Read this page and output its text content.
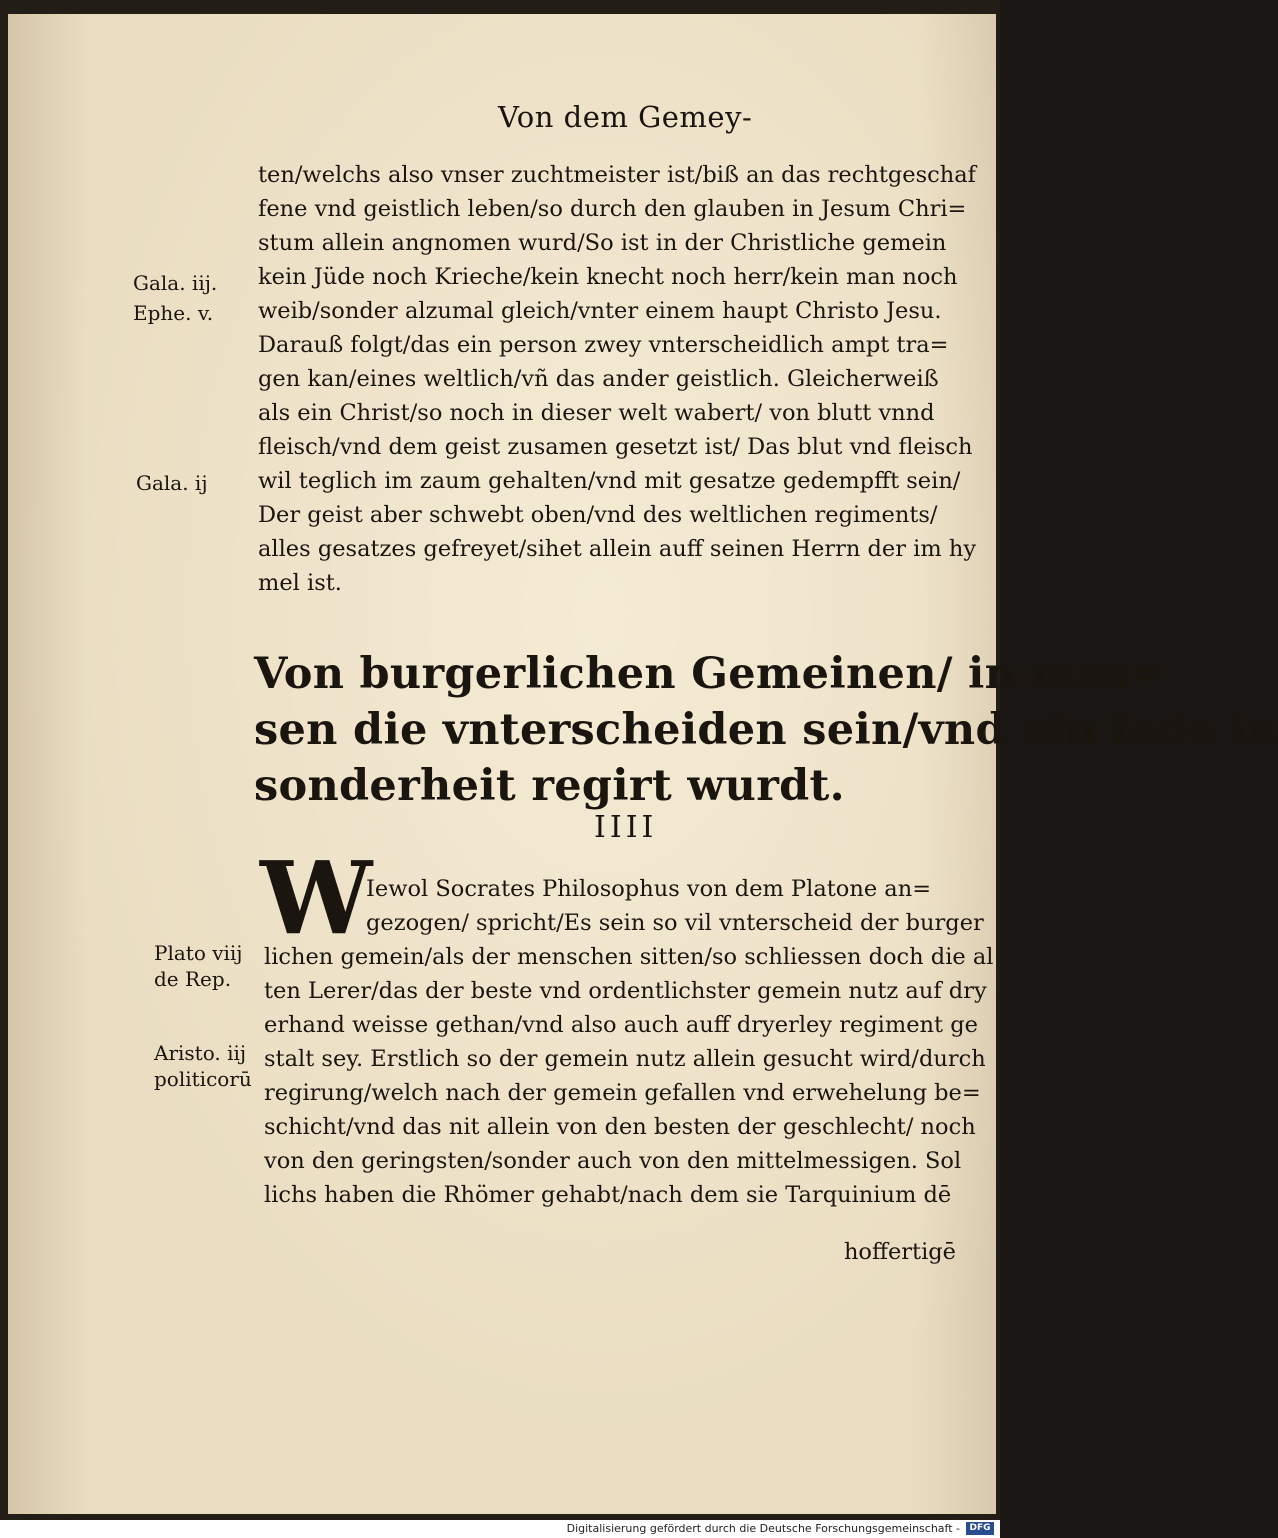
Von dem Gemey-
ten/welchs also vnser zuchtmeister ist/biß an das rechtgeschaf
fene vnd geistlich leben/so durch den glauben in Jesum Chri=
stum allein angnomen wurd/So ist in der Christliche gemein
kein Jüde noch Krieche/kein knecht noch herr/kein man noch
weib/sonder alzumal gleich/vnter einem haupt Christo Jesu.
Darauß folgt/das ein person zwey vnterscheidlich ampt tra=
gen kan/eines weltlich/vñ das ander geistlich. Gleicherweiß
als ein Christ/so noch in dieser welt wabert/ von blutt vnnd
fleisch/vnd dem geist zusamen gesetzt ist/ Das blut vnd fleisch
wil teglich im zaum gehalten/vnd mit gesatze gedempfft sein/
Der geist aber schwebt oben/vnd des weltlichen regiments/
alles gesatzes gefreyet/sihet allein auff seinen Herrn der im hy
mel ist.
Von burgerlichen Gemeinen/ in mas=
sen die vnterscheiden sein/vnd ein iede in
sonderheit regirt wurdt.
IIII
W
Iewol Socrates Philosophus von dem Platone an=
gezogen/ spricht/Es sein so vil vnterscheid der burger
lichen gemein/als der menschen sitten/so schliessen doch die al
ten Lerer/das der beste vnd ordentlichster gemein nutz auf dry
erhand weisse gethan/vnd also auch auff dryerley regiment ge
stalt sey. Erstlich so der gemein nutz allein gesucht wird/durch
regirung/welch nach der gemein gefallen vnd erwehelung be=
schicht/vnd das nit allein von den besten der geschlecht/ noch
von den geringsten/sonder auch von den mittelmessigen. Sol
lichs haben die Rhömer gehabt/nach dem sie Tarquinium dē
hoffertigē
Gala. iij.
Ephe. v.
Gala. ij
Plato viij
de Rep.
Aristo. iij
politicorū
Digitalisierung gefördert durch die Deutsche Forschungsgemeinschaft -	DFG
